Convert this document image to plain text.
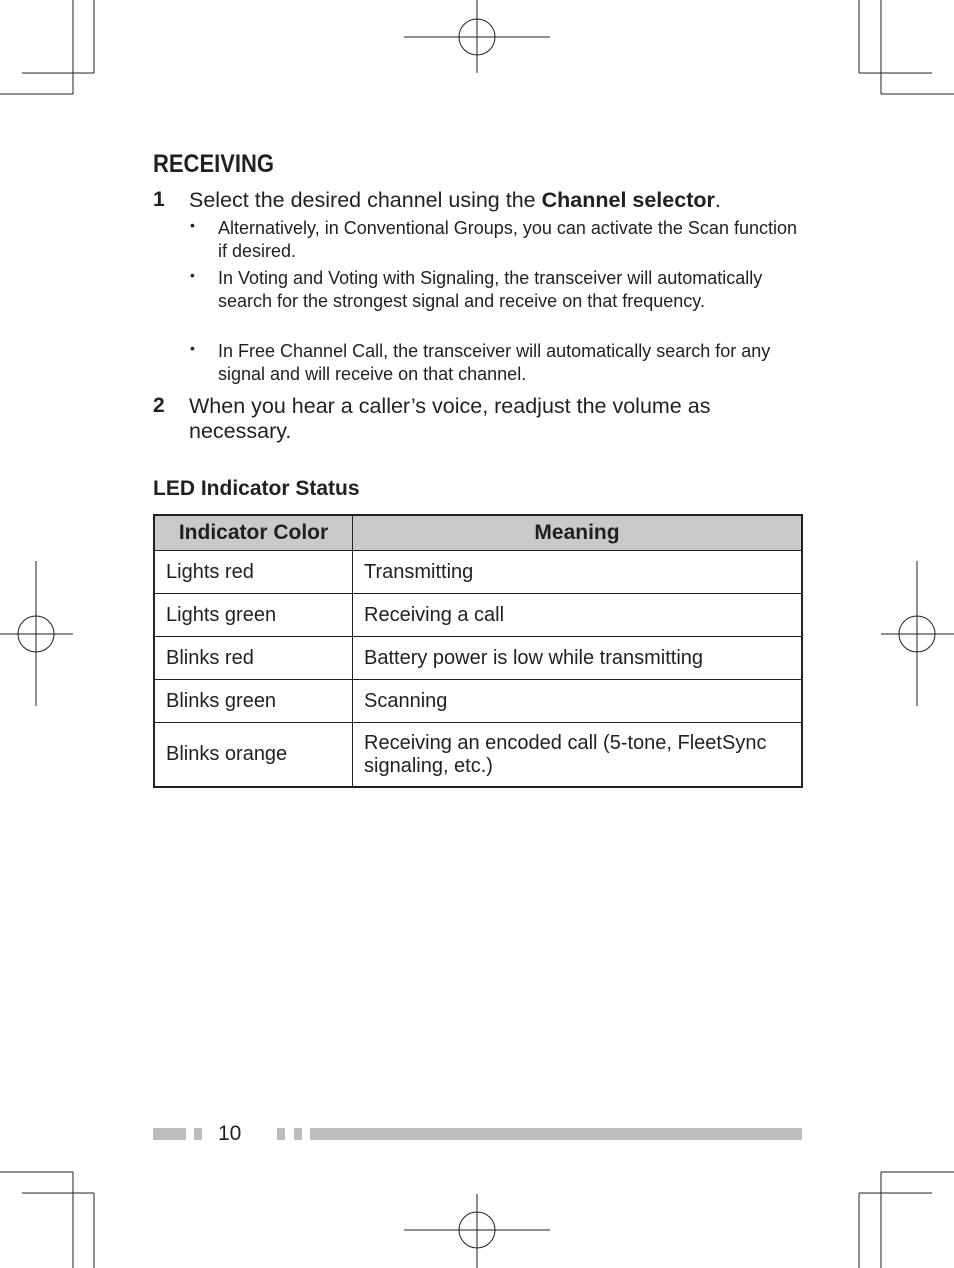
RECEIVING
1 Select the desired channel using the Channel selector.
• Alternatively, in Conventional Groups, you can activate the Scan function if desired.
• In Voting and Voting with Signaling, the transceiver will automatically search for the strongest signal and receive on that frequency.
• In Free Channel Call, the transceiver will automatically search for any signal and will receive on that channel.
2 When you hear a caller’s voice, readjust the volume as necessary.
LED Indicator Status
Indicator Color	Meaning
Lights red	Transmitting
Lights green	Receiving a call
Blinks red	Battery power is low while transmitting
Blinks green	Scanning
Blinks orange	Receiving an encoded call (5-tone, FleetSync signaling, etc.)
10
